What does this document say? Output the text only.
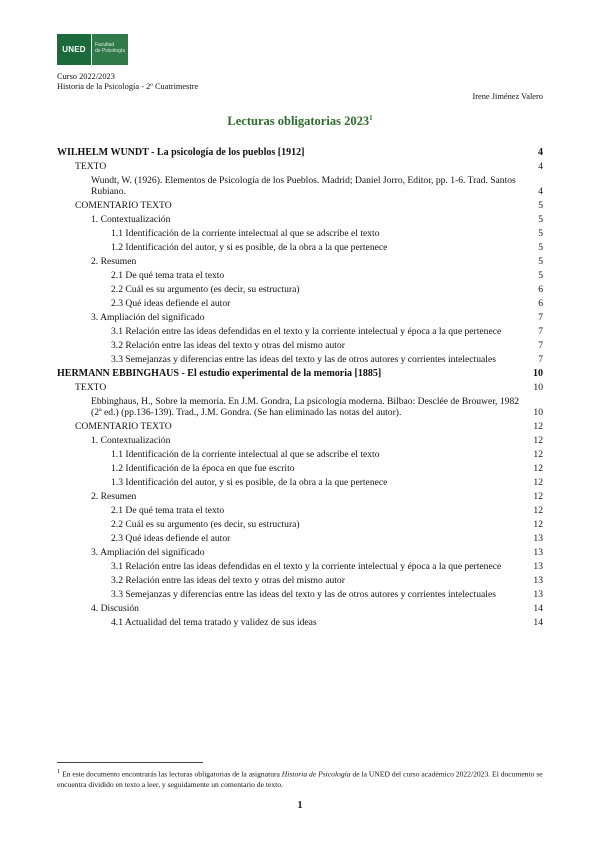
UNED	Facultad
de Psicología
Curso 2022/2023
Historia de la Psicología - 2º Cuatrimestre
Irene Jiménez Valero
Lecturas obligatorias 2023$^1$
WILHELM WUNDT - La psicología de los pueblos [1912]	4
TEXTO	4
Wundt, W. (1926). Elementos de Psicología de los Pueblos. Madrid; Daniel Jorro, Editor, pp. 1-6. Trad. Santos Rubiano.	4
COMENTARIO TEXTO	5
1. Contextualización	5
1.1 Identificación de la corriente intelectual al que se adscribe el texto	5
1.2 Identificación del autor, y si es posible, de la obra a la que pertenece	5
2. Resumen	5
2.1 De qué tema trata el texto	5
2.2 Cuál es su argumento (es decir, su estructura)	6
2.3 Qué ideas defiende el autor	6
3. Ampliación del significado	7
3.1 Relación entre las ideas defendidas en el texto y la corriente intelectual y época a la que pertenece	7
3.2 Relación entre las ideas del texto y otras del mismo autor	7
3.3 Semejanzas y diferencias entre las ideas del texto y las de otros autores y corrientes intelectuales	7
HERMANN EBBINGHAUS - El estudio experimental de la memoria [1885]	10
TEXTO	10
Ebbinghaus, H., Sobre la memoria. En J.M. Gondra, La psicología moderna. Bilbao: Desclée de Brouwer, 1982 (2ª ed.) (pp.136-139). Trad., J.M. Gondra. (Se han eliminado las notas del autor).	10
COMENTARIO TEXTO	12
1. Contextualización	12
1.1 Identificación de la corriente intelectual al que se adscribe el texto	12
1.2 Identificación de la época en que fue escrito	12
1.3 Identificación del autor, y si es posible, de la obra a la que pertenece	12
2. Resumen	12
2.1 De qué tema trata el texto	12
2.2 Cuál es su argumento (es decir, su estructura)	12
2.3 Qué ideas defiende el autor	13
3. Ampliación del significado	13
3.1 Relación entre las ideas defendidas en el texto y la corriente intelectual y época a la que pertenece	13
3.2 Relación entre las ideas del texto y otras del mismo autor	13
3.3 Semejanzas y diferencias entre las ideas del texto y las de otros autores y corrientes intelectuales	13
4. Discusión	14
4.1 Actualidad del tema tratado y validez de sus ideas	14
$^1$ En este documento encontrarás las lecturas obligatorias de la asignatura Historia de Psicología de la UNED del curso académico 2022/2023. El documento se encuentra dividido en texto a leer, y seguidamente un comentario de texto.
1
